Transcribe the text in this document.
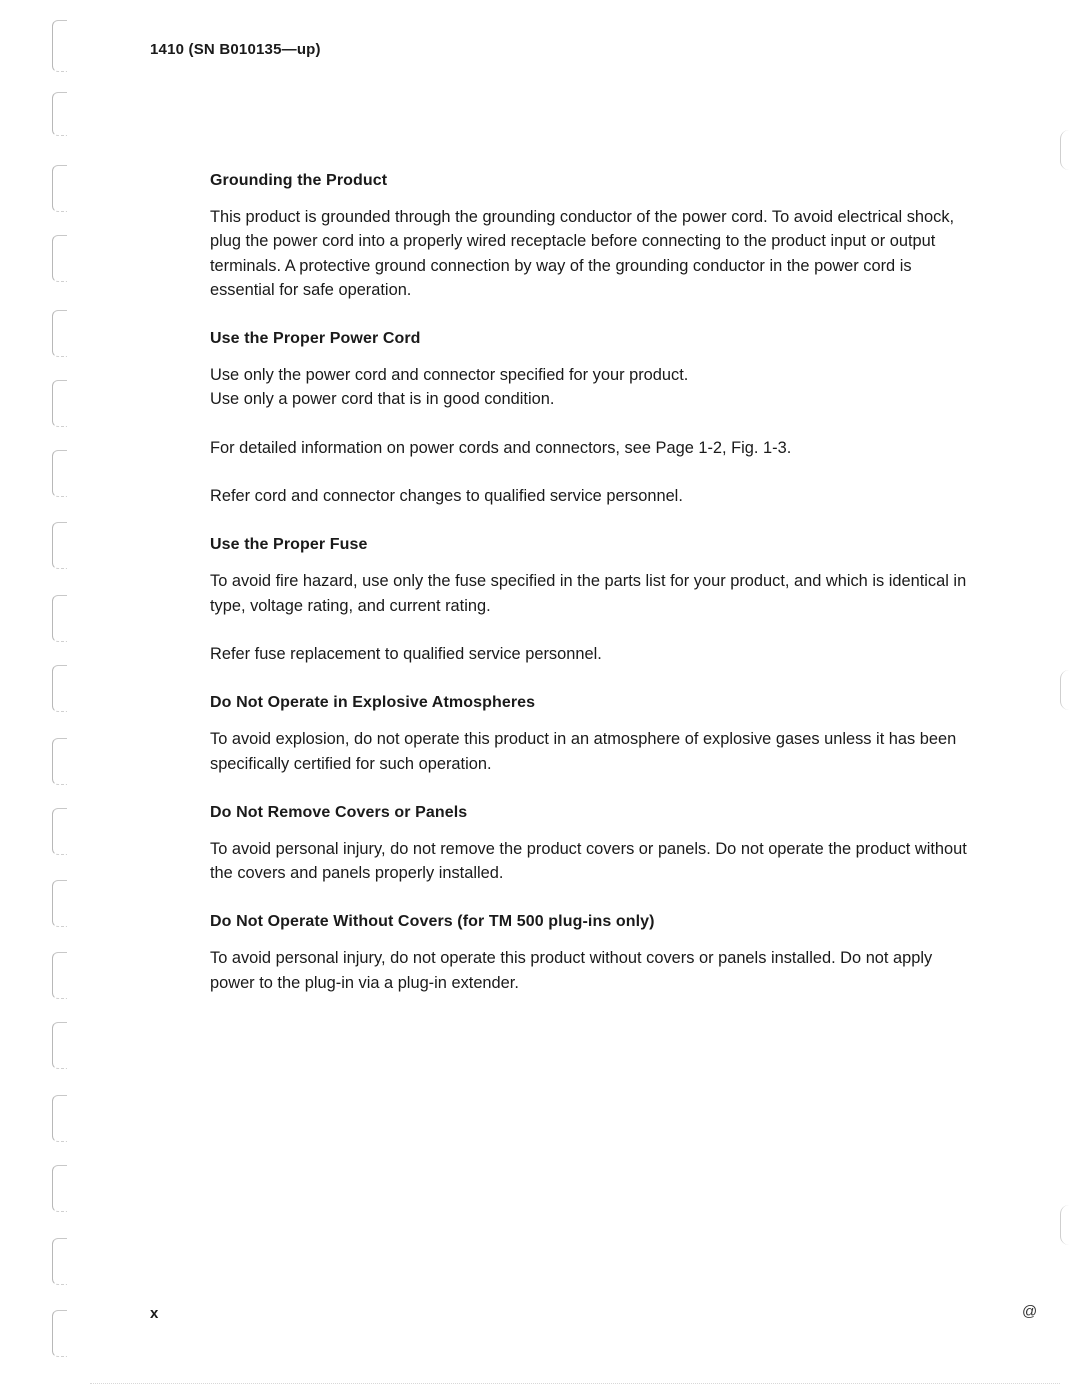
1410 (SN B010135—up)
Grounding the Product

This product is grounded through the grounding conductor of the power cord. To avoid electrical shock, plug the power cord into a properly wired receptacle before connecting to the product input or output terminals. A protective ground connection by way of the grounding conductor in the power cord is essential for safe operation.

Use the Proper Power Cord

Use only the power cord and connector specified for your product.

Use only a power cord that is in good condition.

For detailed information on power cords and connectors, see Page 1-2, Fig. 1-3.

Refer cord and connector changes to qualified service personnel.

Use the Proper Fuse

To avoid fire hazard, use only the fuse specified in the parts list for your product, and which is identical in type, voltage rating, and current rating.

Refer fuse replacement to qualified service personnel.

Do Not Operate in Explosive Atmospheres

To avoid explosion, do not operate this product in an atmosphere of explosive gases unless it has been specifically certified for such operation.

Do Not Remove Covers or Panels

To avoid personal injury, do not remove the product covers or panels. Do not operate the product without the covers and panels properly installed.

Do Not Operate Without Covers (for TM 500 plug-ins only)

To avoid personal injury, do not operate this product without covers or panels installed. Do not apply power to the plug-in via a plug-in extender.

x	@
